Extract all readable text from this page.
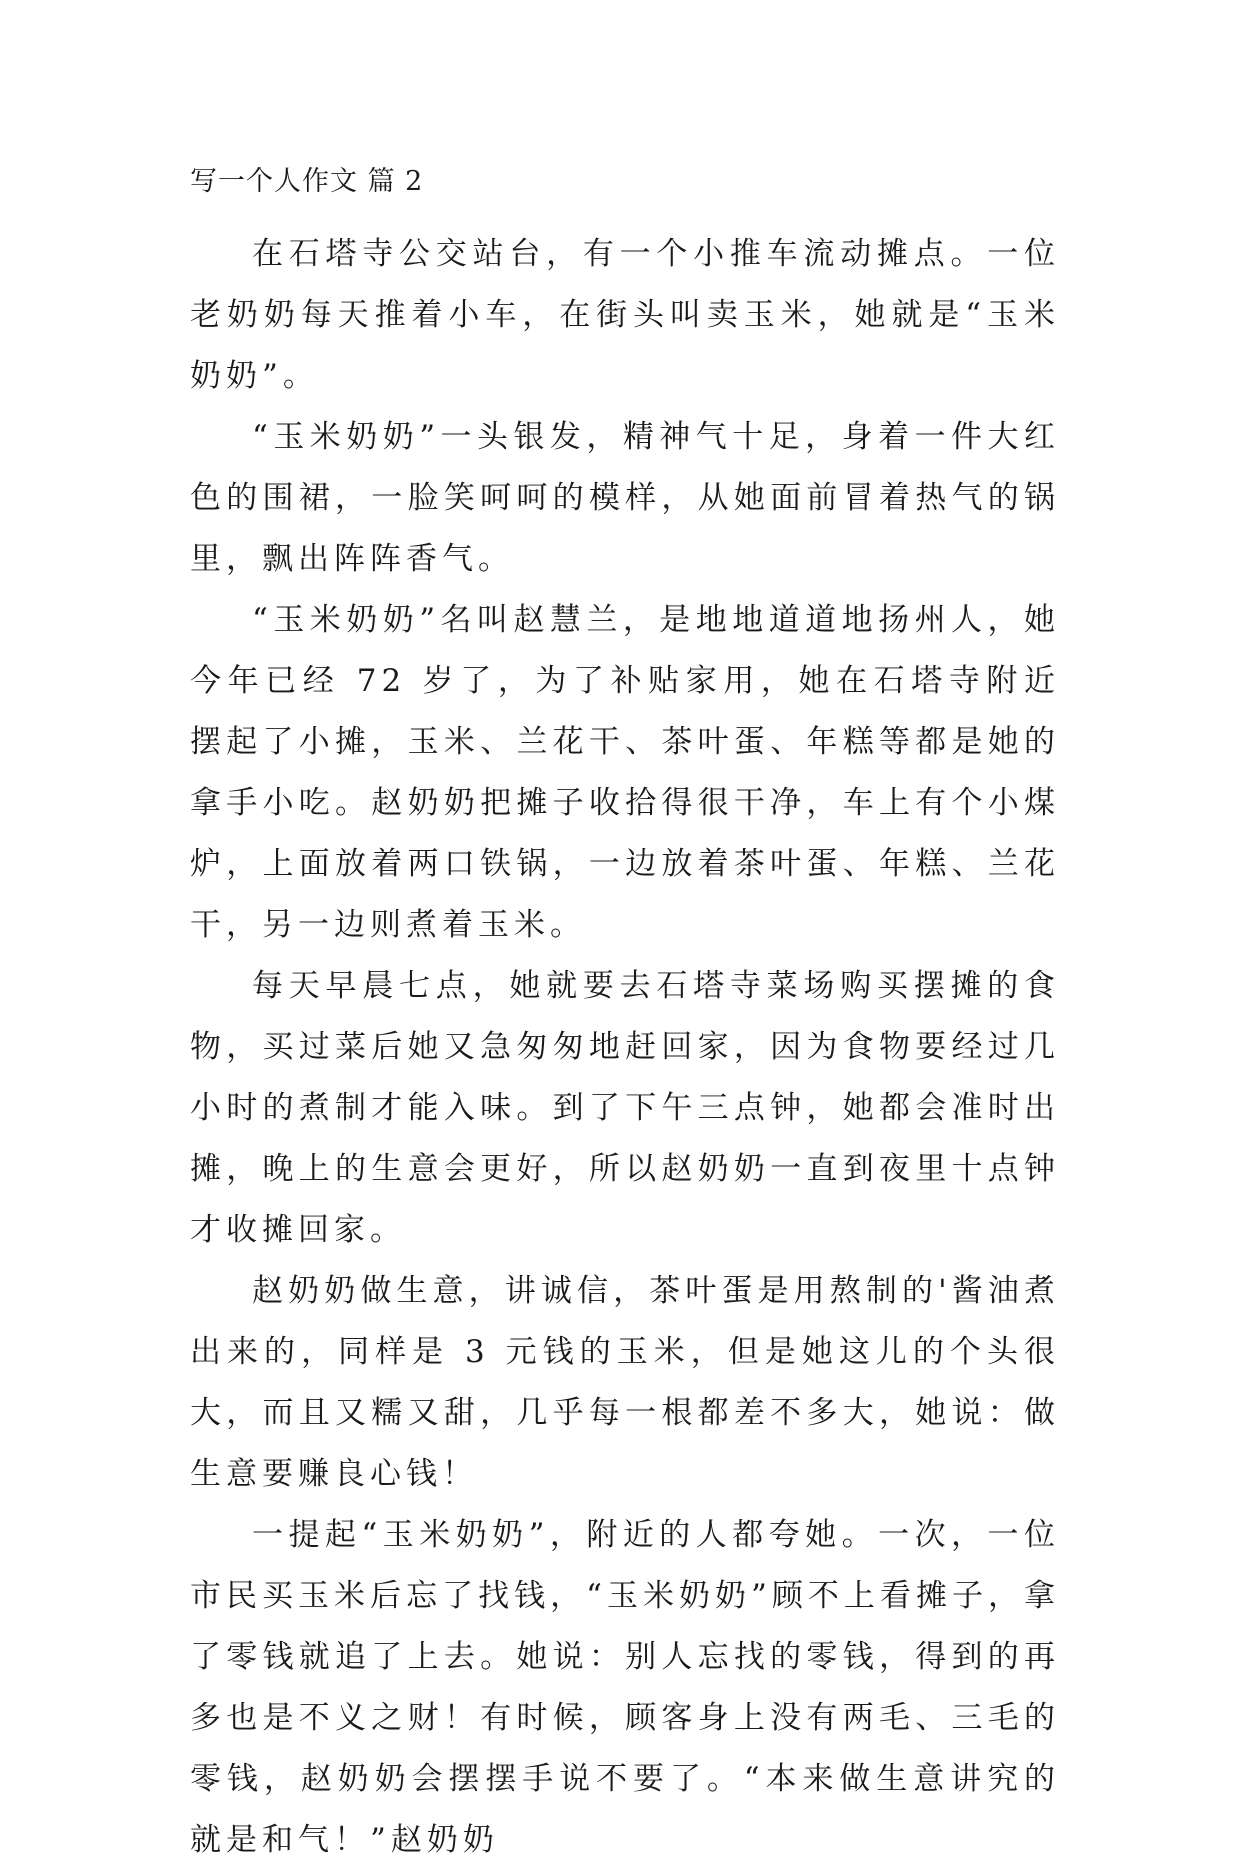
写一个人作文 篇 2

在石塔寺公交站台，有一个小推车流动摊点。一位老奶奶每天推着小车，在街头叫卖玉米，她就是“玉米奶奶”。

“玉米奶奶”一头银发，精神气十足，身着一件大红色的围裙，一脸笑呵呵的模样，从她面前冒着热气的锅里，飘出阵阵香气。

“玉米奶奶”名叫赵慧兰，是地地道道地扬州人，她今年已经 72 岁了，为了补贴家用，她在石塔寺附近摆起了小摊，玉米、兰花干、茶叶蛋、年糕等都是她的拿手小吃。赵奶奶把摊子收拾得很干净，车上有个小煤炉，上面放着两口铁锅，一边放着茶叶蛋、年糕、兰花干，另一边则煮着玉米。

每天早晨七点，她就要去石塔寺菜场购买摆摊的食物，买过菜后她又急匆匆地赶回家，因为食物要经过几小时的煮制才能入味。到了下午三点钟，她都会准时出摊，晚上的生意会更好，所以赵奶奶一直到夜里十点钟才收摊回家。

赵奶奶做生意，讲诚信，茶叶蛋是用熬制的'酱油煮出来的，同样是 3 元钱的玉米，但是她这儿的个头很大，而且又糯又甜，几乎每一根都差不多大，她说：做生意要赚良心钱！

一提起“玉米奶奶”，附近的人都夸她。一次，一位市民买玉米后忘了找钱，“玉米奶奶”顾不上看摊子，拿了零钱就追了上去。她说：别人忘找的零钱，得到的再多也是不义之财！有时候，顾客身上没有两毛、三毛的零钱，赵奶奶会摆摆手说不要了。“本来做生意讲究的就是和气！”赵奶奶
